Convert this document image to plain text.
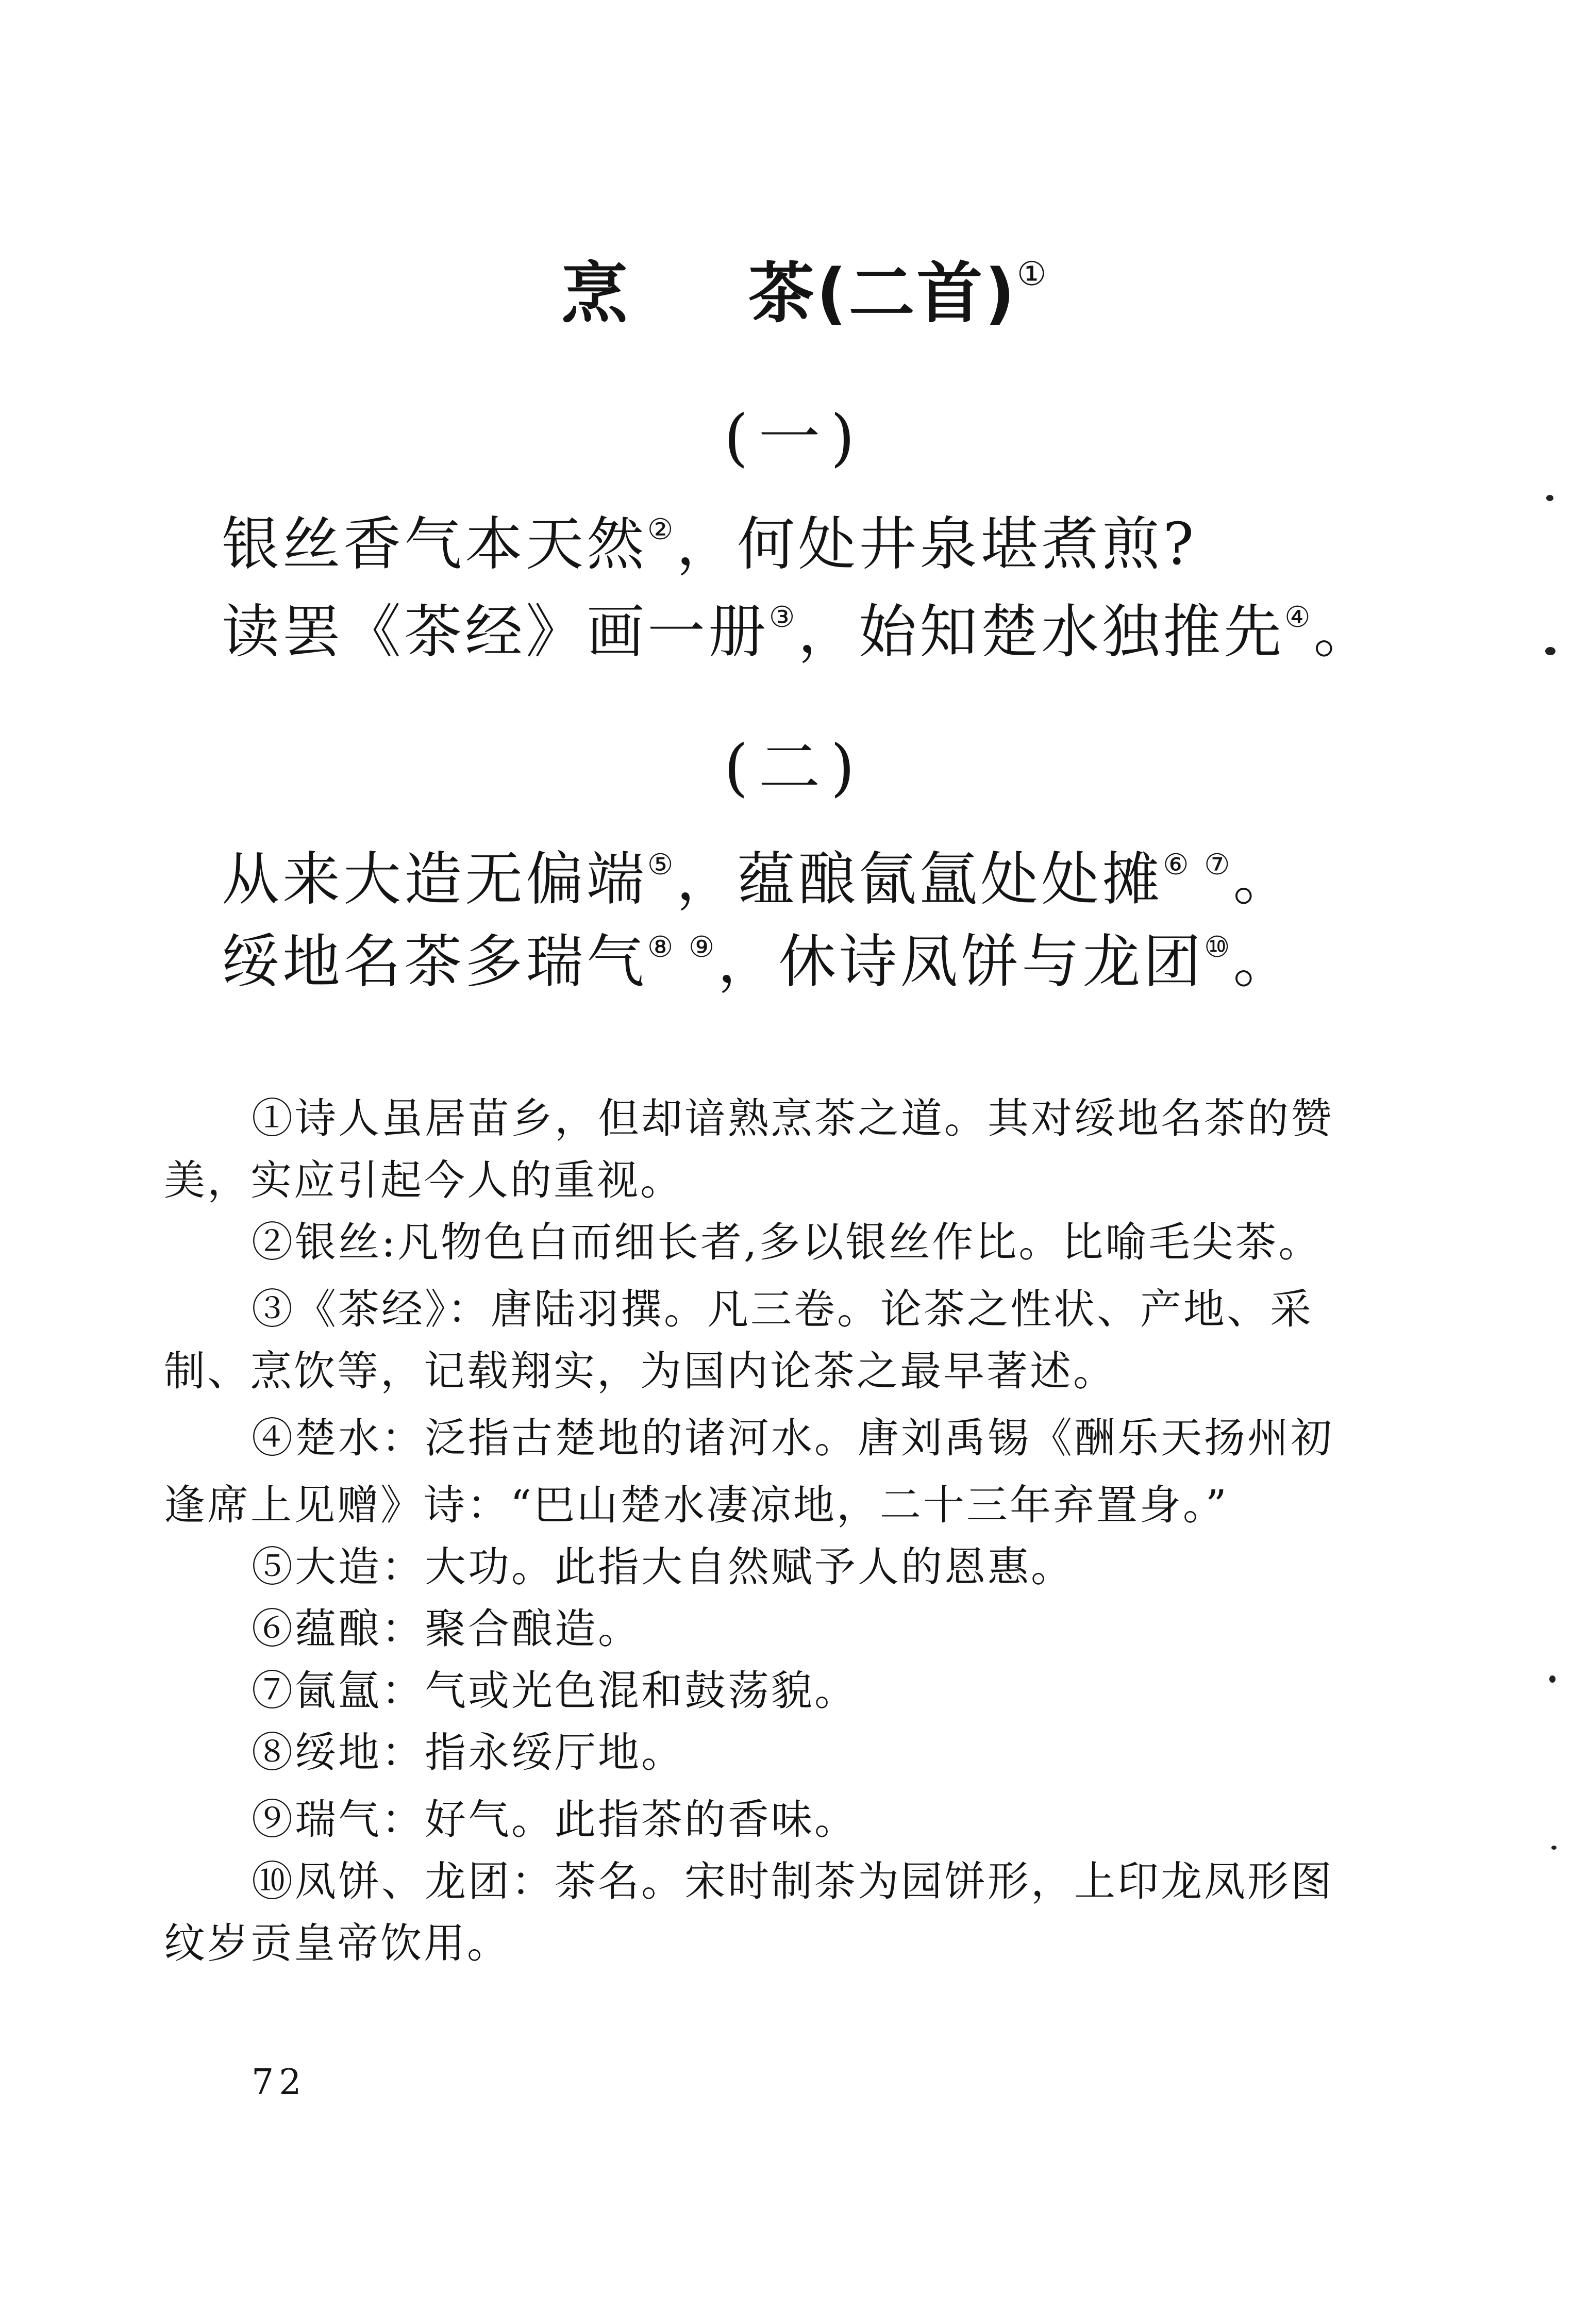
烹 茶(二首)①
(一)
银丝香气本天然②，何处井泉堪煮煎?
读罢《茶经》画一册③，始知楚水独推先④。
(二)
从来大造无偏端⑤，蕴酿氤氲处处摊⑥ ⑦。
绥地名茶多瑞气⑧ ⑨，休诗凤饼与龙团⑩。
①诗人虽居苗乡，但却谙熟烹茶之道。其对绥地名茶的赞
美，实应引起今人的重视。
②银丝:凡物色白而细长者,多以银丝作比。比喻毛尖茶。
③《茶经》：唐陆羽撰。凡三卷。论茶之性状、产地、采
制、烹饮等，记载翔实，为国内论茶之最早著述。
④楚水：泛指古楚地的诸河水。唐刘禹锡《酬乐天扬州初
逢席上见赠》诗：“巴山楚水凄凉地，二十三年弃置身。”
⑤大造：大功。此指大自然赋予人的恩惠。
⑥蕴酿：聚合酿造。
⑦氤氲：气或光色混和鼓荡貌。
⑧绥地：指永绥厅地。
⑨瑞气：好气。此指茶的香味。
⑩凤饼、龙团：茶名。宋时制茶为园饼形，上印龙凤形图
纹岁贡皇帝饮用。
72
